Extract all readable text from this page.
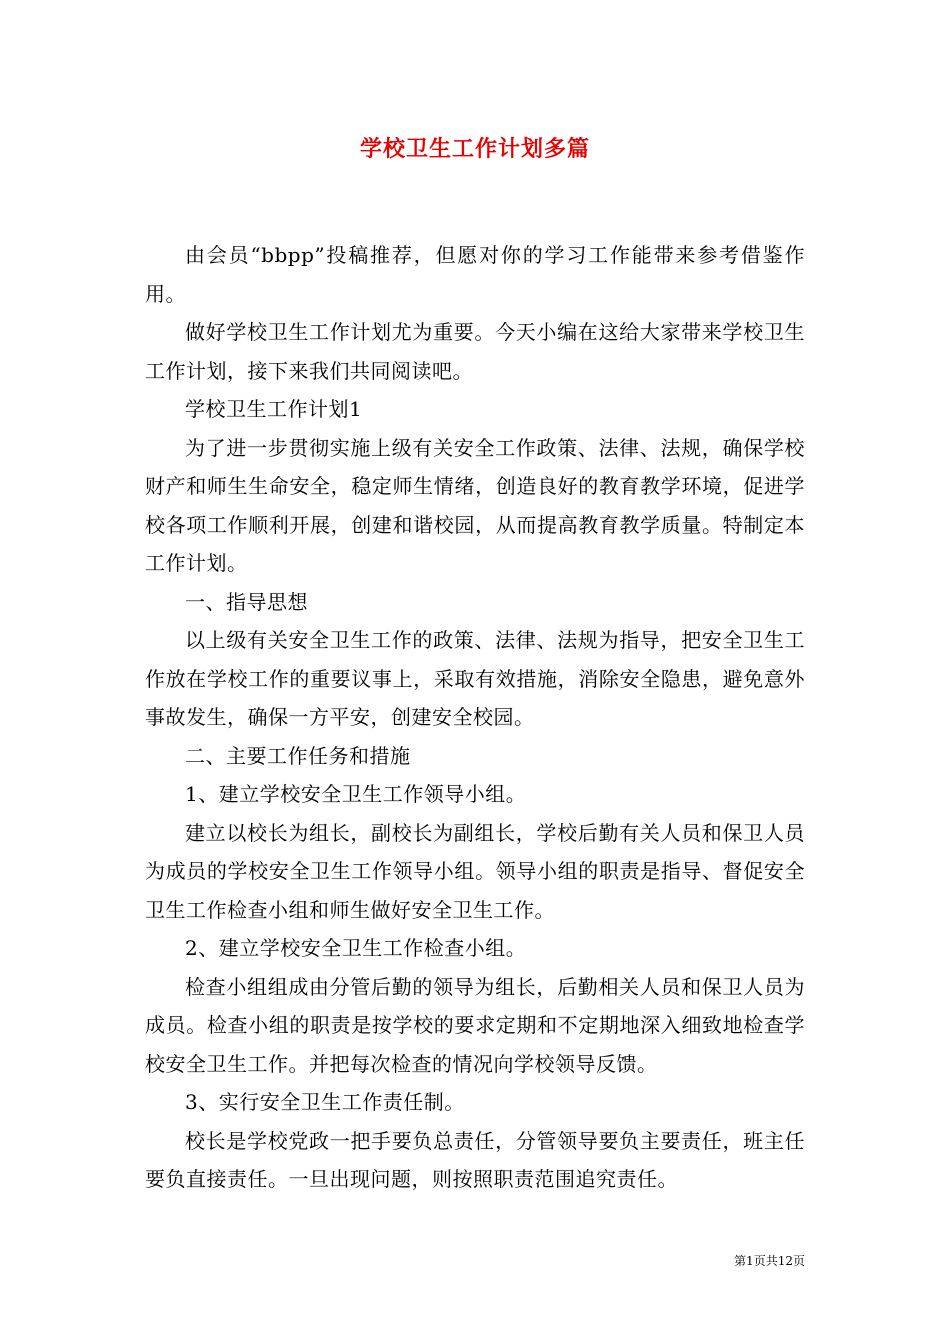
学校卫生工作计划多篇

由会员“bbpp”投稿推荐，但愿对你的学习工作能带来参考借鉴作用。

做好学校卫生工作计划尤为重要。今天小编在这给大家带来学校卫生工作计划，接下来我们共同阅读吧。

学校卫生工作计划1

为了进一步贯彻实施上级有关安全工作政策、法律、法规，确保学校财产和师生生命安全，稳定师生情绪，创造良好的教育教学环境，促进学校各项工作顺利开展，创建和谐校园，从而提高教育教学质量。特制定本工作计划。

一、指导思想

以上级有关安全卫生工作的政策、法律、法规为指导，把安全卫生工作放在学校工作的重要议事上，采取有效措施，消除安全隐患，避免意外事故发生，确保一方平安，创建安全校园。

二、主要工作任务和措施

1、建立学校安全卫生工作领导小组。

建立以校长为组长，副校长为副组长，学校后勤有关人员和保卫人员为成员的学校安全卫生工作领导小组。领导小组的职责是指导、督促安全卫生工作检查小组和师生做好安全卫生工作。

2、建立学校安全卫生工作检查小组。

检查小组组成由分管后勤的领导为组长，后勤相关人员和保卫人员为成员。检查小组的职责是按学校的要求定期和不定期地深入细致地检查学校安全卫生工作。并把每次检查的情况向学校领导反馈。

3、实行安全卫生工作责任制。

校长是学校党政一把手要负总责任，分管领导要负主要责任，班主任要负直接责任。一旦出现问题，则按照职责范围追究责任。

第1页共12页
